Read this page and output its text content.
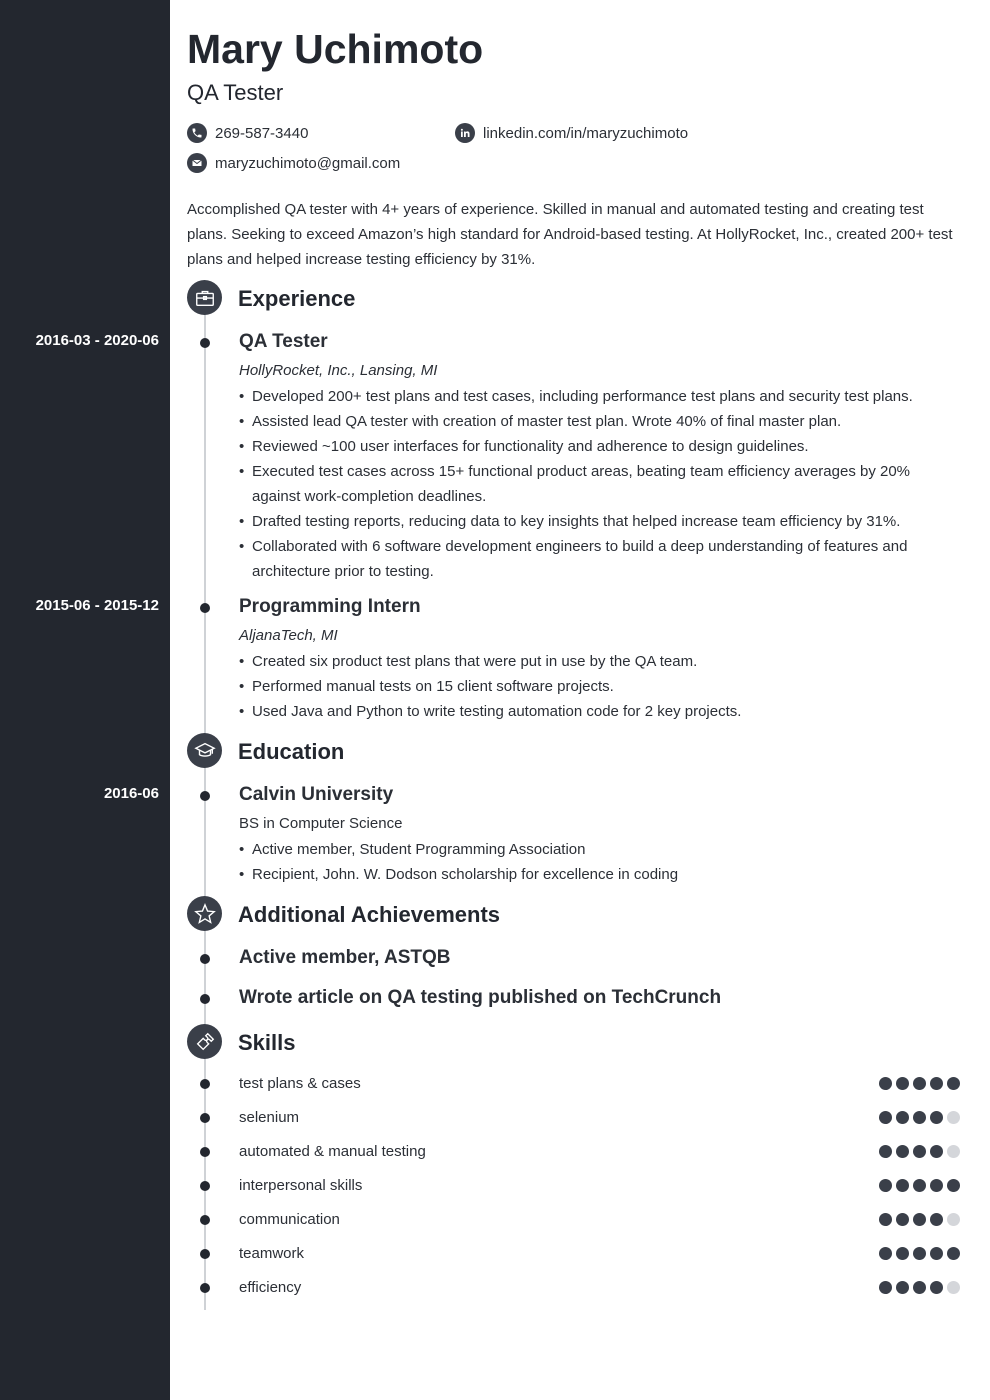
Mary Uchimoto
QA Tester
269-587-3440	linkedin.com/in/maryzuchimoto
maryzuchimoto@gmail.com
Accomplished QA tester with 4+ years of experience. Skilled in manual and automated testing and creating test plans. Seeking to exceed Amazon’s high standard for Android-based testing. At HollyRocket, Inc., created 200+ test plans and helped increase testing efficiency by 31%.
Experience
2016-03 - 2020-06	QA Tester
HollyRocket, Inc., Lansing, MI
• Developed 200+ test plans and test cases, including performance test plans and security test plans.
• Assisted lead QA tester with creation of master test plan. Wrote 40% of final master plan.
• Reviewed ~100 user interfaces for functionality and adherence to design guidelines.
• Executed test cases across 15+ functional product areas, beating team efficiency averages by 20% against work-completion deadlines.
• Drafted testing reports, reducing data to key insights that helped increase team efficiency by 31%.
• Collaborated with 6 software development engineers to build a deep understanding of features and architecture prior to testing.
2015-06 - 2015-12	Programming Intern
AljanaTech, MI
• Created six product test plans that were put in use by the QA team.
• Performed manual tests on 15 client software projects.
• Used Java and Python to write testing automation code for 2 key projects.
Education
2016-06	Calvin University
BS in Computer Science
• Active member, Student Programming Association
• Recipient, John. W. Dodson scholarship for excellence in coding
Additional Achievements
Active member, ASTQB
Wrote article on QA testing published on TechCrunch
Skills
test plans & cases
selenium
automated & manual testing
interpersonal skills
communication
teamwork
efficiency
